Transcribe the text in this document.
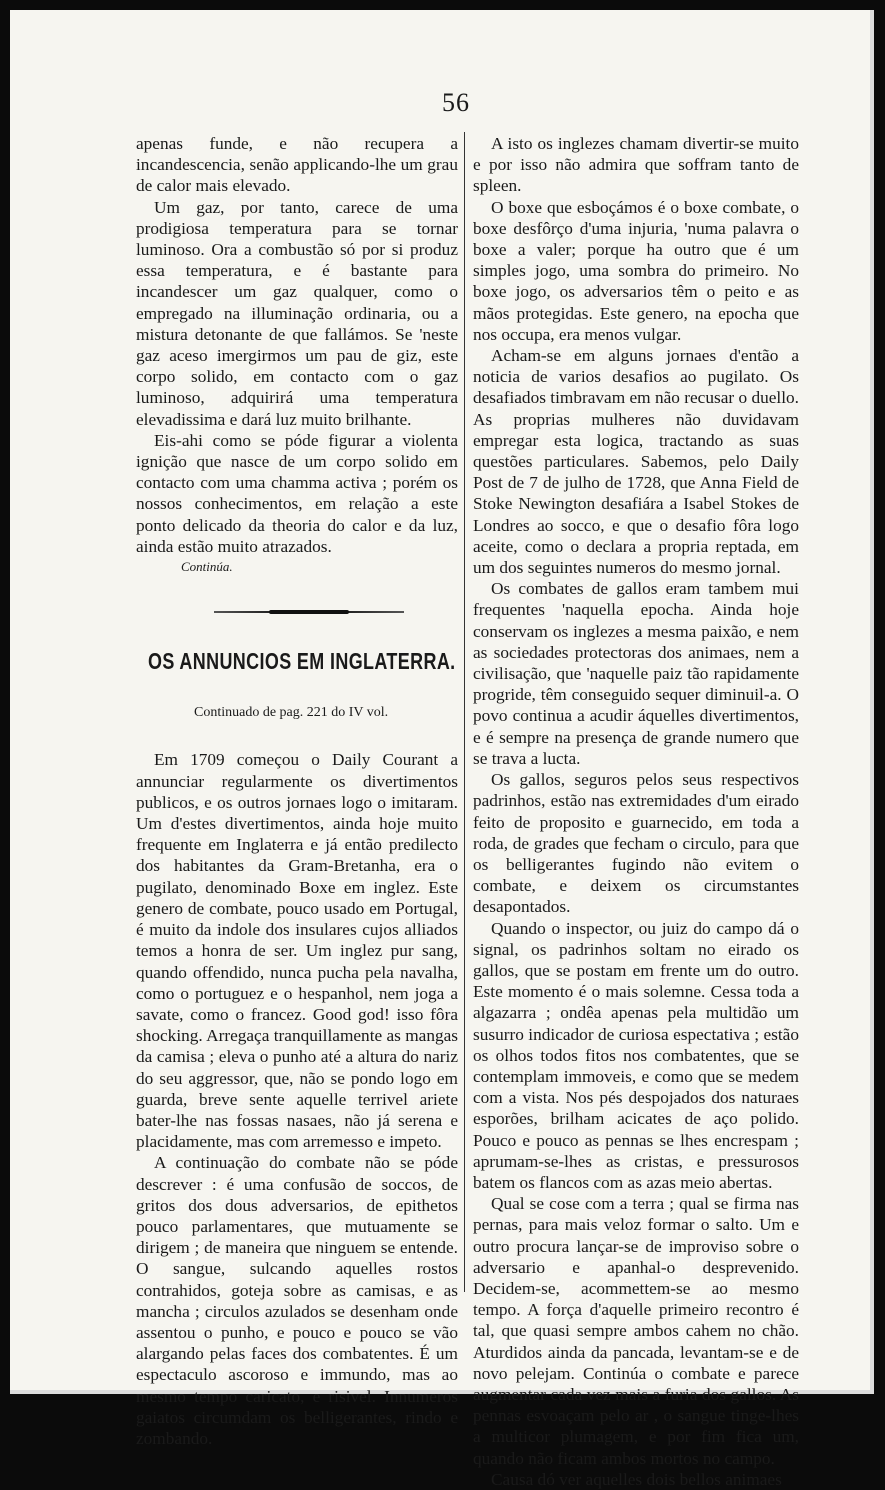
56

apenas funde, e não recupera a incandescencia, senão applicando-lhe um grau de calor mais elevado.

Um gaz, por tanto, carece de uma prodigiosa temperatura para se tornar luminoso. Ora a combustão só por si produz essa temperatura, e é bastante para incandescer um gaz qualquer, como o empregado na illuminação ordinaria, ou a mistura detonante de que fallámos. Se 'neste gaz aceso imergirmos um pau de giz, este corpo solido, em contacto com o gaz luminoso, adquirirá uma temperatura elevadissima e dará luz muito brilhante.

Eis-ahi como se póde figurar a violenta ignição que nasce de um corpo solido em contacto com uma chamma activa ; porém os nossos conhecimentos, em relação a este ponto delicado da theoria do calor e da luz, ainda estão muito atrazados.

Continúa.
OS ANNUNCIOS EM INGLATERRA.
Continuado de pag. 221 do IV vol.

Em 1709 começou o Daily Courant a annunciar regularmente os divertimentos publicos, e os outros jornaes logo o imitaram. Um d'estes divertimentos, ainda hoje muito frequente em Inglaterra e já então predilecto dos habitantes da Gram-Bretanha, era o pugilato, denominado Boxe em inglez. Este genero de combate, pouco usado em Portugal, é muito da indole dos insulares cujos alliados temos a honra de ser. Um inglez pur sang, quando offendido, nunca pucha pela navalha, como o portuguez e o hespanhol, nem joga a savate, como o francez. Good god! isso fôra shocking. Arregaça tranquillamente as mangas da camisa ; eleva o punho até a altura do nariz do seu aggressor, que, não se pondo logo em guarda, breve sente aquelle terrivel ariete bater-lhe nas fossas nasaes, não já serena e placidamente, mas com arremesso e impeto.

A continuação do combate não se póde descrever : é uma confusão de soccos, de gritos dos dous adversarios, de epithetos pouco parlamentares, que mutuamente se dirigem ; de maneira que ninguem se entende. O sangue, sulcando aquelles rostos contrahidos, goteja sobre as camisas, e as mancha ; circulos azulados se desenham onde assentou o punho, e pouco e pouco se vão alargando pelas faces dos combatentes. É um espectaculo ascoroso e immundo, mas ao mesmo tempo caricato, e risivel. Innumeros gaiatos circumdam os belligerantes, rindo e zombando.

A isto os inglezes chamam divertir-se muito e por isso não admira que soffram tanto de spleen.

O boxe que esboçámos é o boxe combate, o boxe desfôrço d'uma injuria, 'numa palavra o boxe a valer; porque ha outro que é um simples jogo, uma sombra do primeiro. No boxe jogo, os adversarios têm o peito e as mãos protegidas. Este genero, na epocha que nos occupa, era menos vulgar.

Acham-se em alguns jornaes d'então a noticia de varios desafios ao pugilato. Os desafiados timbravam em não recusar o duello. As proprias mulheres não duvidavam empregar esta logica, tractando as suas questões particulares. Sabemos, pelo Daily Post de 7 de julho de 1728, que Anna Field de Stoke Newington desafiára a Isabel Stokes de Londres ao socco, e que o desafio fôra logo aceite, como o declara a propria reptada, em um dos seguintes numeros do mesmo jornal.

Os combates de gallos eram tambem mui frequentes 'naquella epocha. Ainda hoje conservam os inglezes a mesma paixão, e nem as sociedades protectoras dos animaes, nem a civilisação, que 'naquelle paiz tão rapidamente progride, têm conseguido sequer diminuil-a. O povo continua a acudir áquelles divertimentos, e é sempre na presença de grande numero que se trava a lucta.

Os gallos, seguros pelos seus respectivos padrinhos, estão nas extremidades d'um eirado feito de proposito e guarnecido, em toda a roda, de grades que fecham o circulo, para que os belligerantes fugindo não evitem o combate, e deixem os circumstantes desapontados.

Quando o inspector, ou juiz do campo dá o signal, os padrinhos soltam no eirado os gallos, que se postam em frente um do outro. Este momento é o mais solemne. Cessa toda a algazarra ; ondêa apenas pela multidão um susurro indicador de curiosa espectativa ; estão os olhos todos fitos nos combatentes, que se contemplam immoveis, e como que se medem com a vista. Nos pés despojados dos naturaes esporões, brilham acicates de aço polido. Pouco e pouco as pennas se lhes encrespam ; aprumam-se-lhes as cristas, e pressurosos batem os flancos com as azas meio abertas.

Qual se cose com a terra ; qual se firma nas pernas, para mais veloz formar o salto. Um e outro procura lançar-se de improviso sobre o adversario e apanhal-o desprevenido. Decidem-se, acommettem-se ao mesmo tempo. A força d'aquelle primeiro recontro é tal, que quasi sempre ambos cahem no chão. Aturdidos ainda da pancada, levantam-se e de novo pelejam. Continúa o combate e parece augmentar cada vez mais a furia dos gallos. As pennas esvoaçam pelo ar , o sangue tinge-lhes a multicor plumagem, e por fim fica um, quando não ficam ambos mortos no campo.

Causa dó ver aquelles dois bellos animaes
